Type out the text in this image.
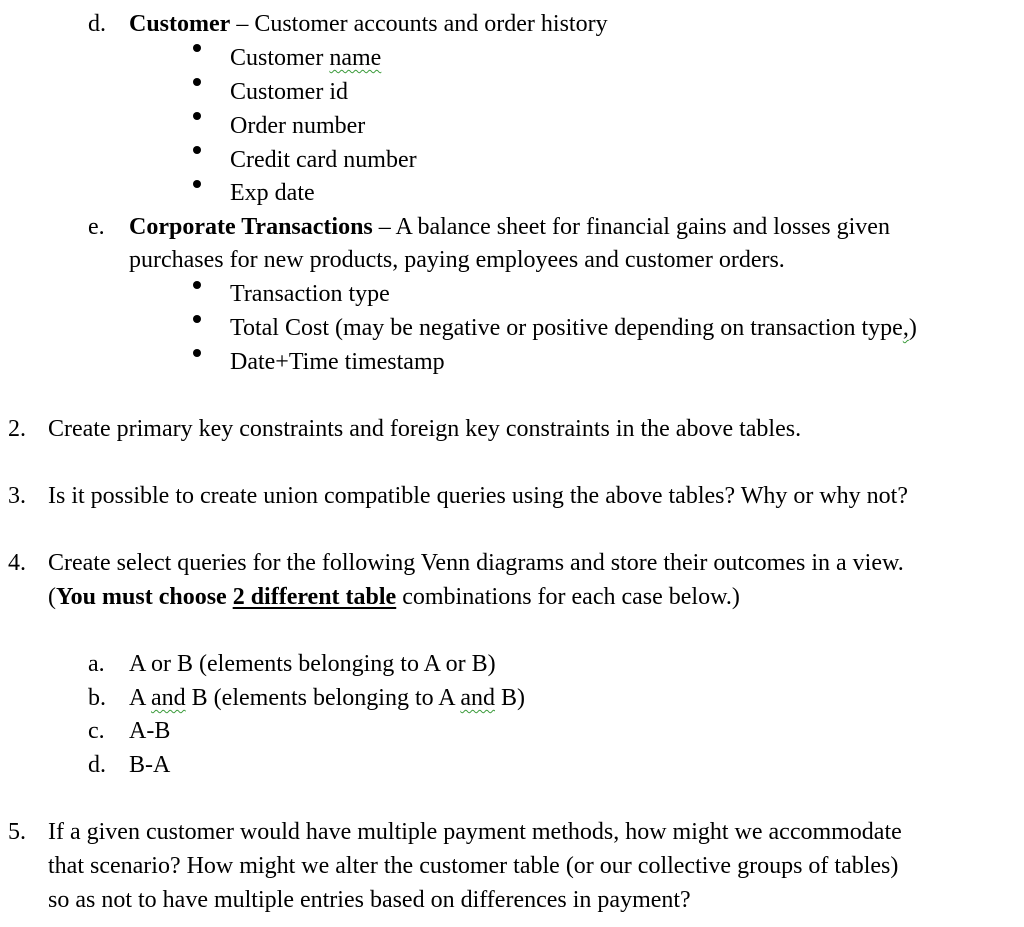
d. Customer – Customer accounts and order history
Customer name
Customer id
Order number
Credit card number
Exp date
e. Corporate Transactions – A balance sheet for financial gains and losses given
purchases for new products, paying employees and customer orders.
Transaction type
Total Cost (may be negative or positive depending on transaction type,)
Date+Time timestamp
2. Create primary key constraints and foreign key constraints in the above tables.
3. Is it possible to create union compatible queries using the above tables? Why or why not?
4. Create select queries for the following Venn diagrams and store their outcomes in a view.
(You must choose 2 different table combinations for each case below.)
a. A or B (elements belonging to A or B)
b. A and B (elements belonging to A and B)
c. A-B
d. B-A
5. If a given customer would have multiple payment methods, how might we accommodate
that scenario? How might we alter the customer table (or our collective groups of tables)
so as not to have multiple entries based on differences in payment?
